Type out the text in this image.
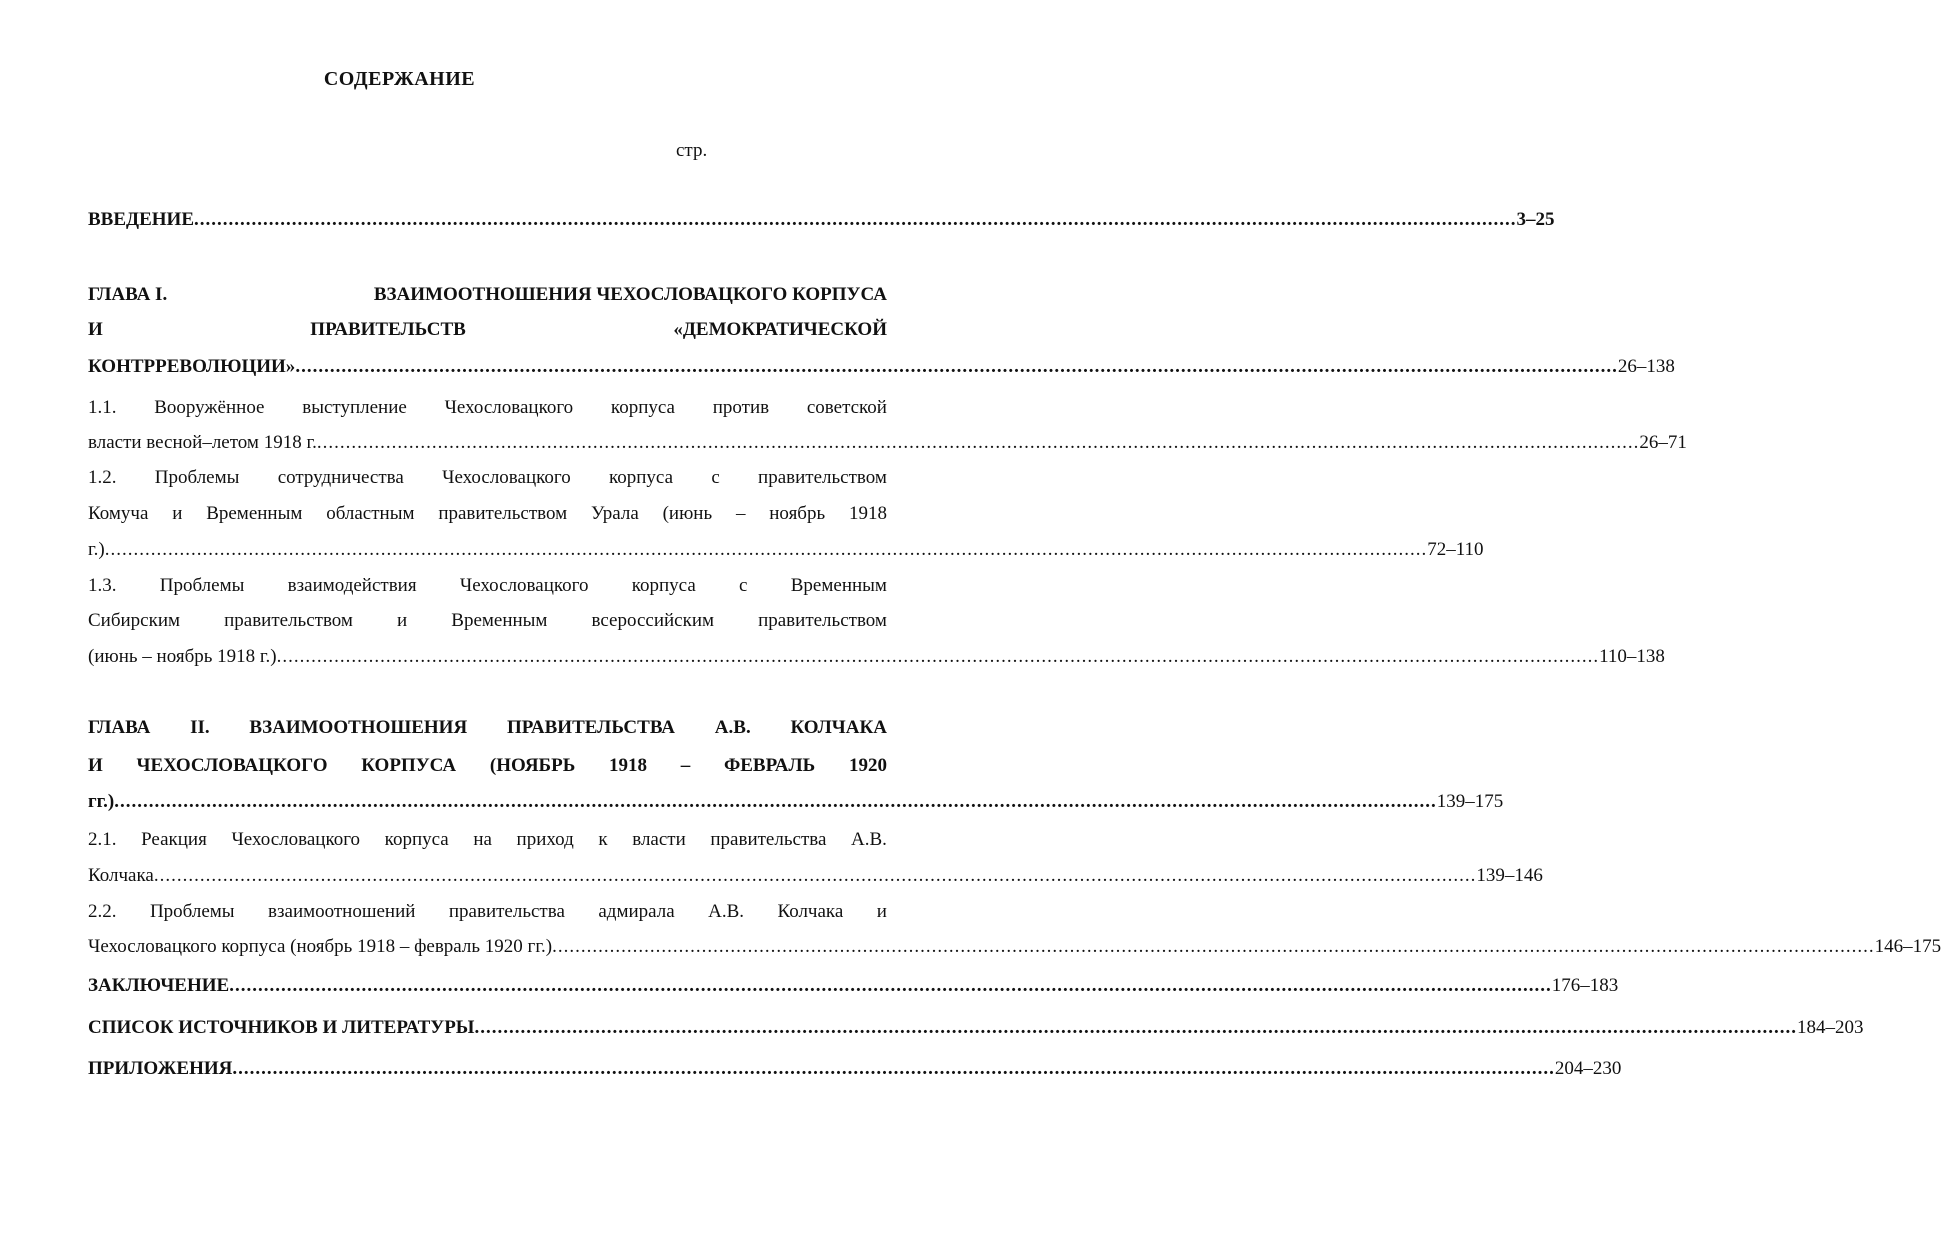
СОДЕРЖАНИЕ
стр.
ВВЕДЕНИЕ .....	3–25
ГЛАВА I.	ВЗАИМООТНОШЕНИЯ ЧЕХОСЛОВАЦКОГО КОРПУСА
И	ПРАВИТЕЛЬСТВ	«ДЕМОКРАТИЧЕСКОЙ
КОНТРРЕВОЛЮЦИИ» .....	26–138
1.1. Вооружённое выступление Чехословацкого корпуса против советской
власти весной–летом 1918 г. .....	26–71
1.2. Проблемы сотрудничества Чехословацкого корпуса с правительством
Комуча и Временным областным правительством Урала (июнь – ноябрь 1918
г.) .....	72–110
1.3. Проблемы взаимодействия Чехословацкого корпуса с Временным
Сибирским правительством и Временным всероссийским правительством
(июнь – ноябрь 1918 г.) .....	110–138
ГЛАВА II. ВЗАИМООТНОШЕНИЯ ПРАВИТЕЛЬСТВА А.В. КОЛЧАКА
И ЧЕХОСЛОВАЦКОГО КОРПУСА (НОЯБРЬ 1918 – ФЕВРАЛЬ 1920
гг.) .....	139–175
2.1. Реакция Чехословацкого корпуса на приход к власти правительства А.В.
Колчака .....	139–146
2.2. Проблемы взаимоотношений правительства адмирала А.В. Колчака и
Чехословацкого корпуса (ноябрь 1918 – февраль 1920 гг.) .....	146–175
ЗАКЛЮЧЕНИЕ .....	176–183
СПИСОК ИСТОЧНИКОВ И ЛИТЕРАТУРЫ .....	184–203
ПРИЛОЖЕНИЯ .....	204–230
